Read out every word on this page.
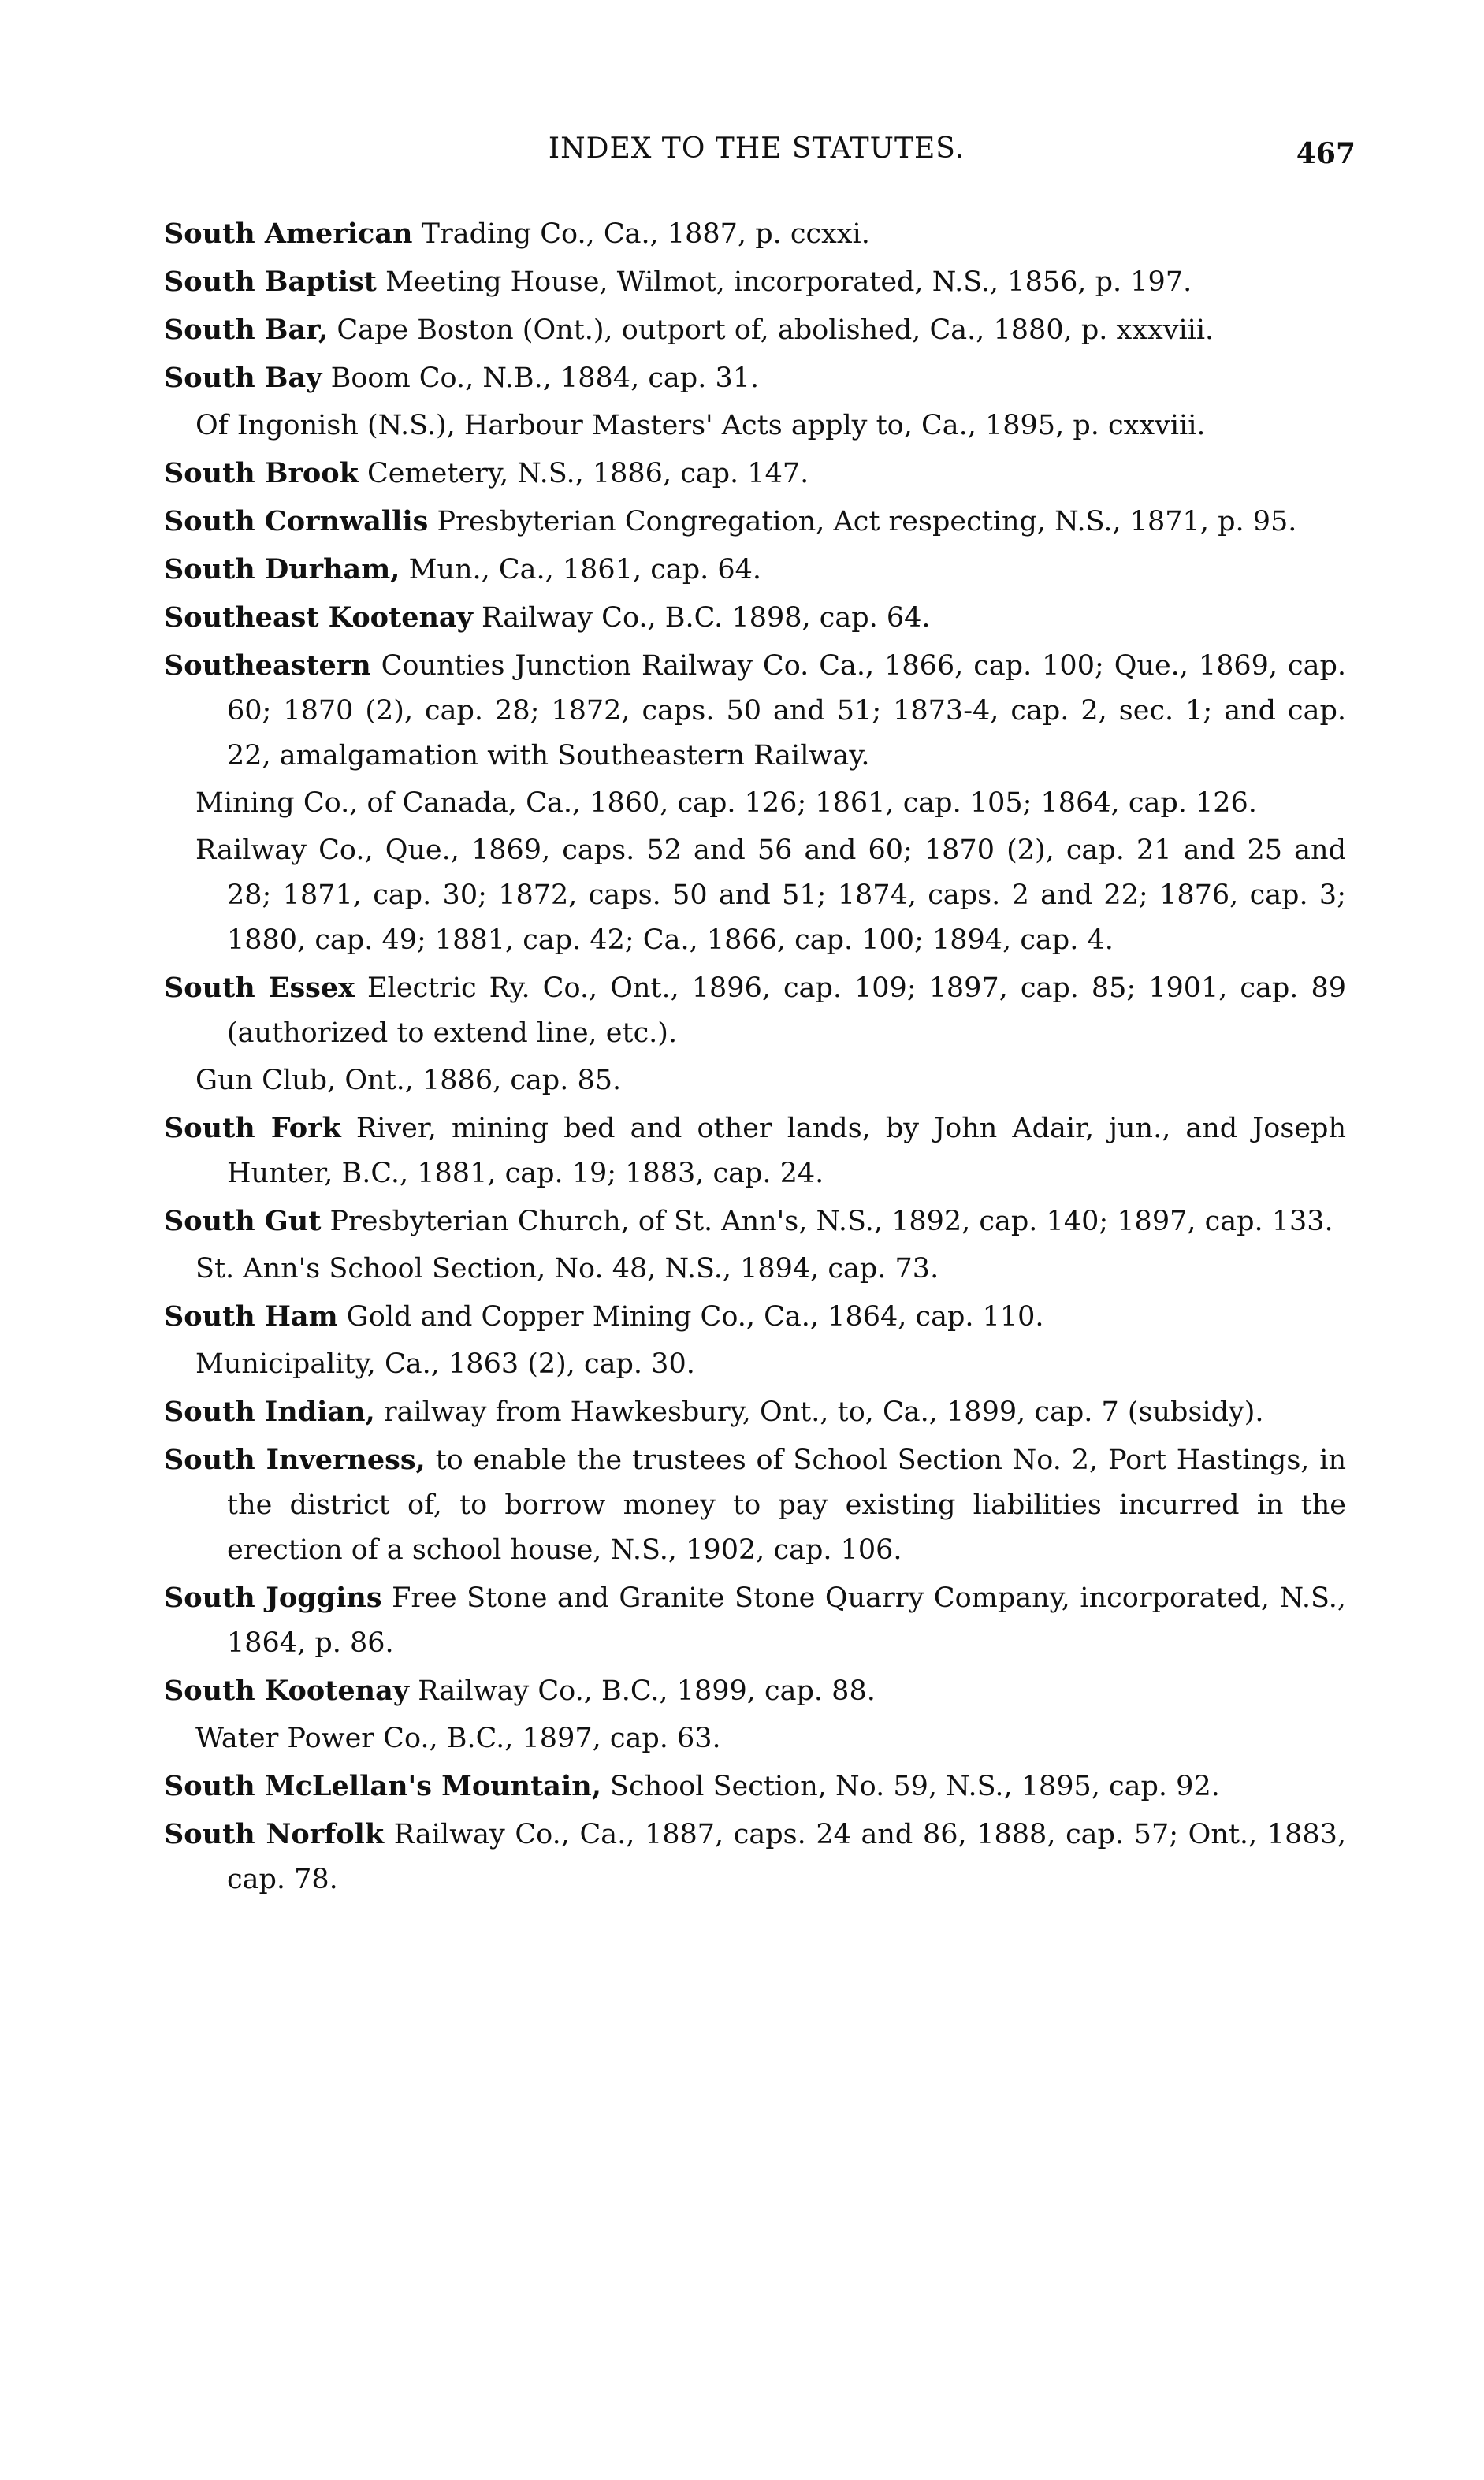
INDEX TO THE STATUTES.	467
South American Trading Co., Ca., 1887, p. ccxxi.
South Baptist Meeting House, Wilmot, incorporated, N.S., 1856, p. 197.
South Bar, Cape Boston (Ont.), outport of, abolished, Ca., 1880, p. xxxviii.
South Bay Boom Co., N.B., 1884, cap. 31.
Of Ingonish (N.S.), Harbour Masters' Acts apply to, Ca., 1895, p. cxxviii.
South Brook Cemetery, N.S., 1886, cap. 147.
South Cornwallis Presbyterian Congregation, Act respecting, N.S., 1871, p. 95.
South Durham, Mun., Ca., 1861, cap. 64.
Southeast Kootenay Railway Co., B.C. 1898, cap. 64.
Southeastern Counties Junction Railway Co. Ca., 1866, cap. 100; Que., 1869, cap. 60; 1870 (2), cap. 28; 1872, caps. 50 and 51; 1873-4, cap. 2, sec. 1; and cap. 22, amalgamation with Southeastern Railway.
Mining Co., of Canada, Ca., 1860, cap. 126; 1861, cap. 105; 1864, cap. 126.
Railway Co., Que., 1869, caps. 52 and 56 and 60; 1870 (2), cap. 21 and 25 and 28; 1871, cap. 30; 1872, caps. 50 and 51; 1874, caps. 2 and 22; 1876, cap. 3; 1880, cap. 49; 1881, cap. 42; Ca., 1866, cap. 100; 1894, cap. 4.
South Essex Electric Ry. Co., Ont., 1896, cap. 109; 1897, cap. 85; 1901, cap. 89 (authorized to extend line, etc.).
Gun Club, Ont., 1886, cap. 85.
South Fork River, mining bed and other lands, by John Adair, jun., and Joseph Hunter, B.C., 1881, cap. 19; 1883, cap. 24.
South Gut Presbyterian Church, of St. Ann's, N.S., 1892, cap. 140; 1897, cap. 133.
St. Ann's School Section, No. 48, N.S., 1894, cap. 73.
South Ham Gold and Copper Mining Co., Ca., 1864, cap. 110.
Municipality, Ca., 1863 (2), cap. 30.
South Indian, railway from Hawkesbury, Ont., to, Ca., 1899, cap. 7 (subsidy).
South Inverness, to enable the trustees of School Section No. 2, Port Hastings, in the district of, to borrow money to pay existing liabilities incurred in the erection of a school house, N.S., 1902, cap. 106.
South Joggins Free Stone and Granite Stone Quarry Company, incorporated, N.S., 1864, p. 86.
South Kootenay Railway Co., B.C., 1899, cap. 88.
Water Power Co., B.C., 1897, cap. 63.
South McLellan's Mountain, School Section, No. 59, N.S., 1895, cap. 92.
South Norfolk Railway Co., Ca., 1887, caps. 24 and 86, 1888, cap. 57; Ont., 1883, cap. 78.
